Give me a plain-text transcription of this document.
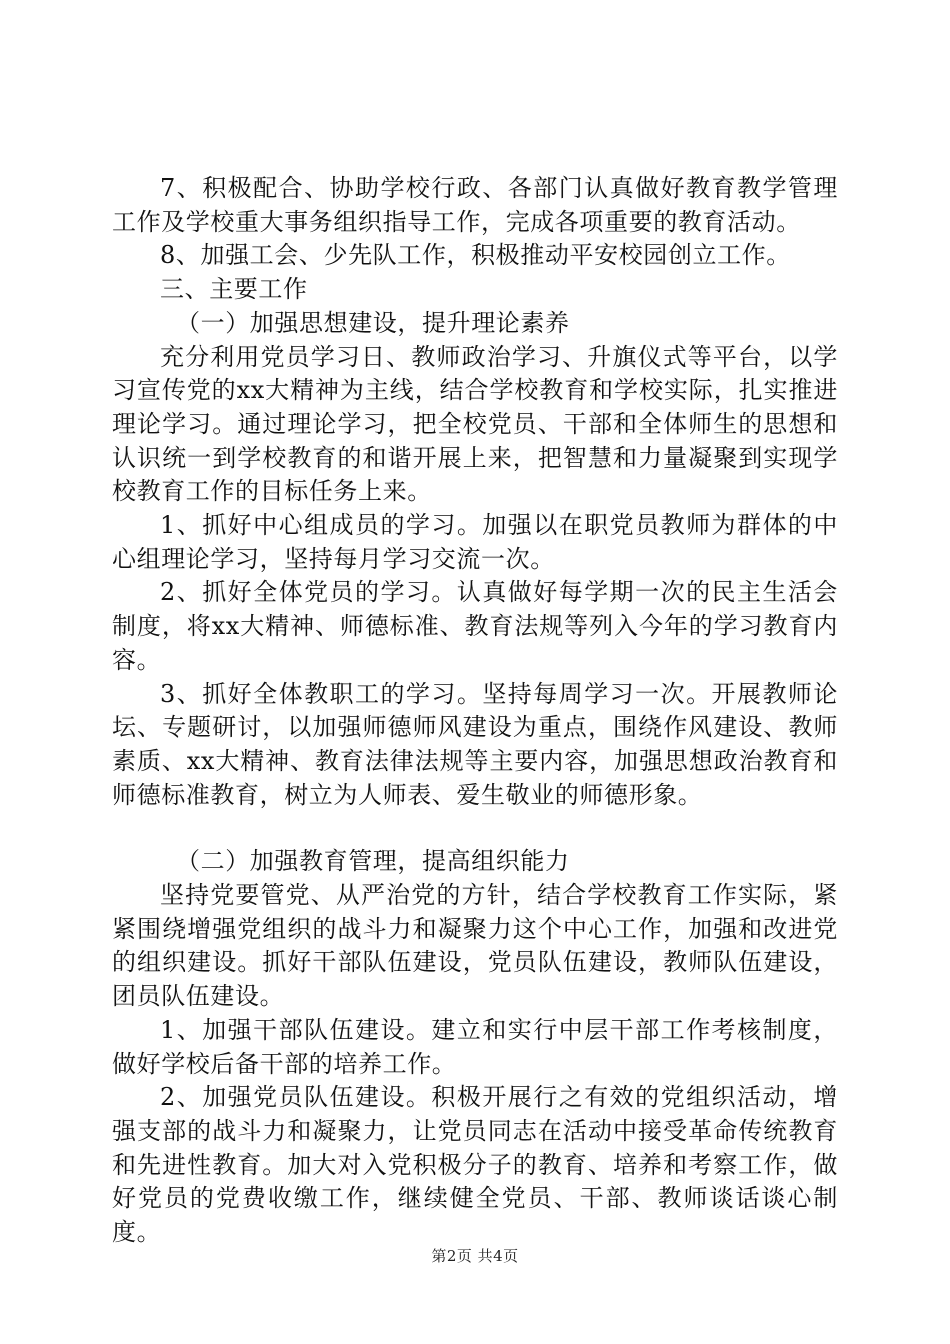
7、积极配合、协助学校行政、各部门认真做好教育教学管理工作及学校重大事务组织指导工作，完成各项重要的教育活动。

8、加强工会、少先队工作，积极推动平安校园创立工作。

三、主要工作

（一）加强思想建设，提升理论素养

充分利用党员学习日、教师政治学习、升旗仪式等平台，以学习宣传党的xx大精神为主线，结合学校教育和学校实际，扎实推进理论学习。通过理论学习，把全校党员、干部和全体师生的思想和认识统一到学校教育的和谐开展上来，把智慧和力量凝聚到实现学校教育工作的目标任务上来。

1、抓好中心组成员的学习。加强以在职党员教师为群体的中心组理论学习，坚持每月学习交流一次。

2、抓好全体党员的学习。认真做好每学期一次的民主生活会制度，将xx大精神、师德标准、教育法规等列入今年的学习教育内容。

3、抓好全体教职工的学习。坚持每周学习一次。开展教师论坛、专题研讨，以加强师德师风建设为重点，围绕作风建设、教师素质、xx大精神、教育法律法规等主要内容，加强思想政治教育和师德标准教育，树立为人师表、爱生敬业的师德形象。

（二）加强教育管理，提高组织能力

坚持党要管党、从严治党的方针，结合学校教育工作实际，紧紧围绕增强党组织的战斗力和凝聚力这个中心工作，加强和改进党的组织建设。抓好干部队伍建设，党员队伍建设，教师队伍建设，团员队伍建设。

1、加强干部队伍建设。建立和实行中层干部工作考核制度，做好学校后备干部的培养工作。

2、加强党员队伍建设。积极开展行之有效的党组织活动，增强支部的战斗力和凝聚力，让党员同志在活动中接受革命传统教育和先进性教育。加大对入党积极分子的教育、培养和考察工作，做好党员的党费收缴工作，继续健全党员、干部、教师谈话谈心制度。

第2页 共4页
